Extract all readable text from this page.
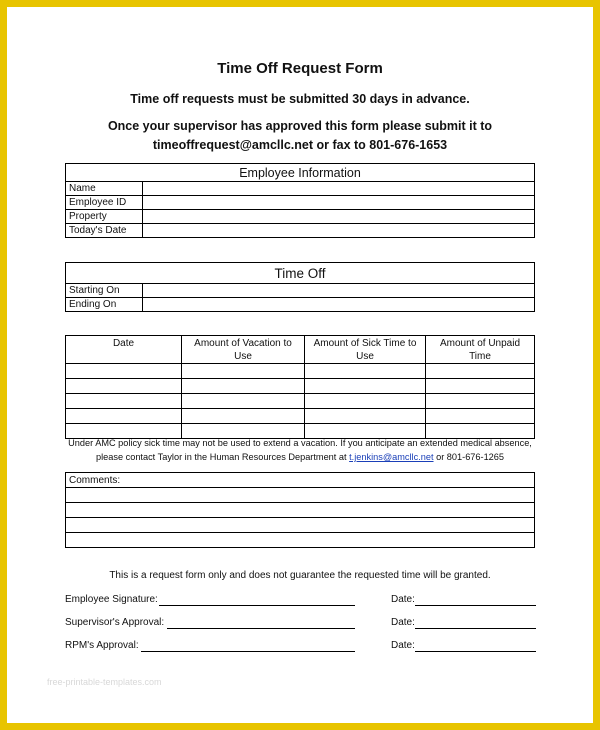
Time Off Request Form
Time off requests must be submitted 30 days in advance.
Once your supervisor has approved this form please submit it to
timeoffrequest@amcllc.net or fax to 801-676-1653
Employee Information	
Name	
Employee ID	
Property	
Today's Date	
Time Off	
Starting On	
Ending On	
Date	Amount of Vacation to Use	Amount of Sick Time to Use	Amount of Unpaid Time

Under AMC policy sick time may not be used to extend a vacation. If you anticipate an extended medical absence,
please contact Taylor in the Human Resources Department at t.jenkins@amcllc.net or 801-676-1265
Comments:

This is a request form only and does not guarantee the requested time will be granted.
Employee Signature:	Date:
Supervisor's Approval:	Date:
RPM's Approval:	Date:
free-printable-templates.com
